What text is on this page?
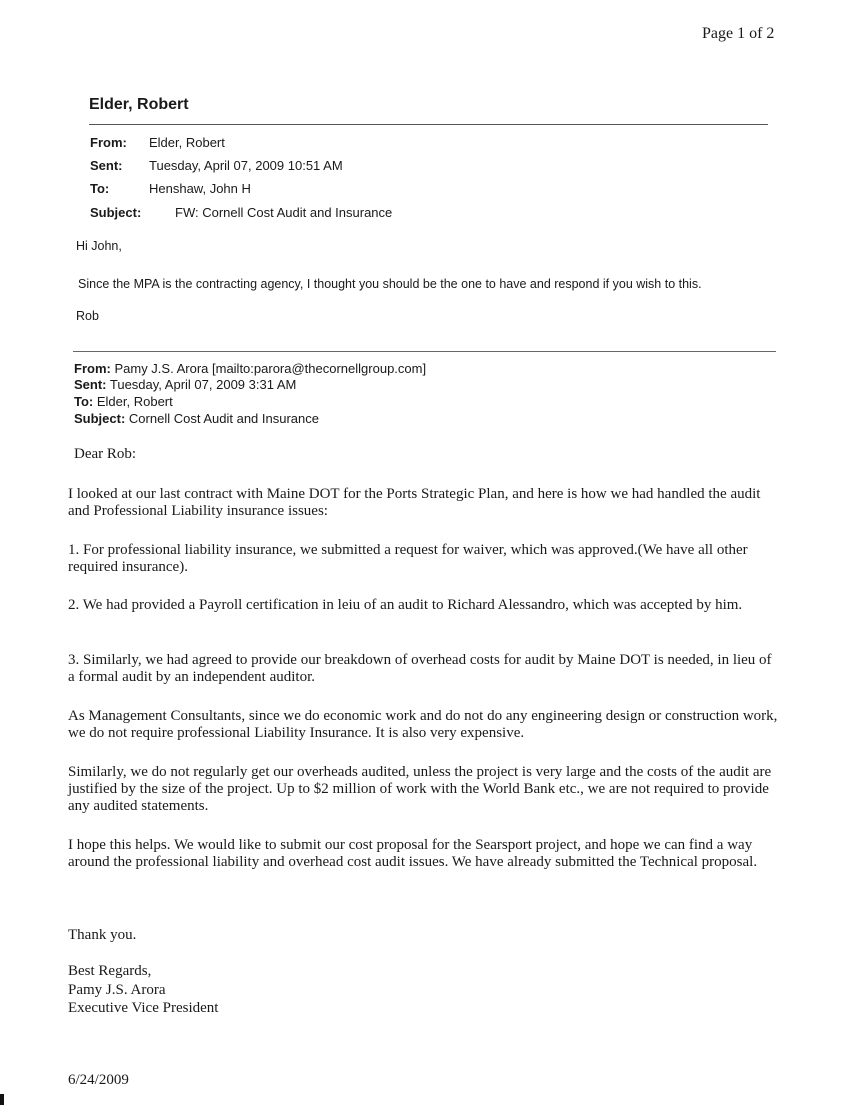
Page 1 of 2
Elder, Robert
From: Elder, Robert
Sent: Tuesday, April 07, 2009 10:51 AM
To:	Henshaw, John H
Subject:	FW: Cornell Cost Audit and Insurance
Hi John,
Since the MPA is the contracting agency, I thought you should be the one to have and respond if you wish to this.
Rob
From: Pamy J.S. Arora [mailto:parora@thecornellgroup.com]
Sent: Tuesday, April 07, 2009 3:31 AM
To: Elder, Robert
Subject: Cornell Cost Audit and Insurance
Dear Rob:
I looked at our last contract with Maine DOT for the Ports Strategic Plan, and here is how we had handled the audit and Professional Liability insurance issues:
1. For professional liability insurance, we submitted a request for waiver, which was approved.(We have all other required insurance).
2. We had provided a Payroll certification in leiu of an audit to Richard Alessandro, which was accepted by him.
3. Similarly, we had agreed to provide our breakdown of overhead costs for audit by Maine DOT is needed, in lieu of a formal audit by an independent auditor.
As Management Consultants, since we do economic work and do not do any engineering design or construction work, we do not require professional Liability Insurance. It is also very expensive.
Similarly, we do not regularly get our overheads audited, unless the project is very large and the costs of the audit are justified by the size of the project. Up to $2 million of work with the World Bank etc., we are not required to provide any audited statements.
I hope this helps. We would like to submit our cost proposal for the Searsport project, and hope we can find a way around the professional liability and overhead cost audit issues. We have already submitted the Technical proposal.
Thank you.
Best Regards,
Pamy J.S. Arora
Executive Vice President
6/24/2009
